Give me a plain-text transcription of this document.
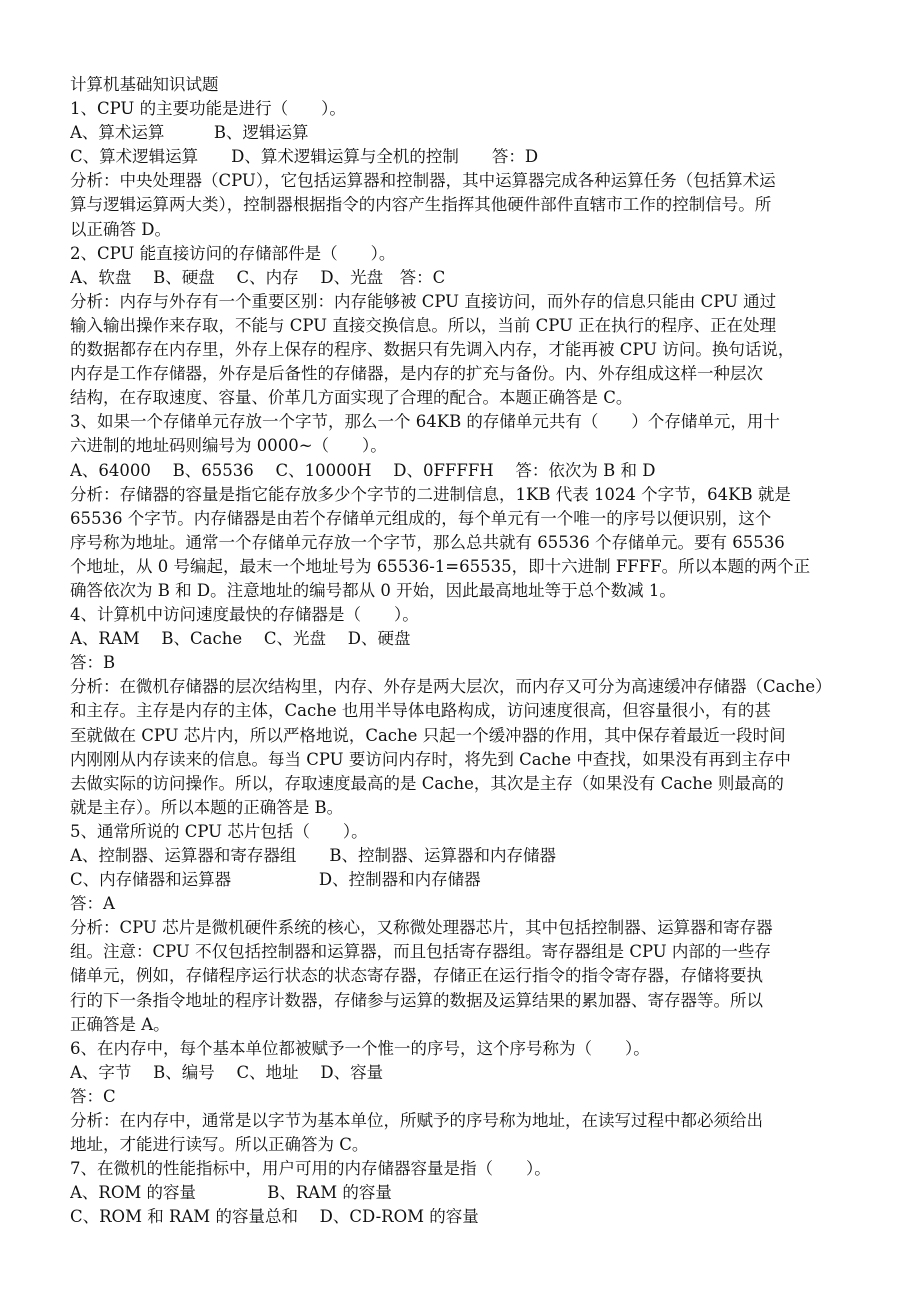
计算机基础知识试题
1、CPU 的主要功能是进行（　　）。
A、算术运算　　　B、逻辑运算
C、算术逻辑运算　　D、算术逻辑运算与全机的控制　　答：D
分析：中央处理器（CPU），它包括运算器和控制器，其中运算器完成各种运算任务（包括算术运
算与逻辑运算两大类），控制器根据指令的内容产生指挥其他硬件部件直辖市工作的控制信号。所
以正确答 D。
2、CPU 能直接访问的存储部件是（　　）。
A、软盘　 B、硬盘　 C、内存　 D、光盘　答：C
分析：内存与外存有一个重要区别：内存能够被 CPU 直接访问，而外存的信息只能由 CPU 通过
输入输出操作来存取，不能与 CPU 直接交换信息。所以，当前 CPU 正在执行的程序、正在处理
的数据都存在内存里，外存上保存的程序、数据只有先调入内存，才能再被 CPU 访问。换句话说，
内存是工作存储器，外存是后备性的存储器，是内存的扩充与备份。内、外存组成这样一种层次
结构，在存取速度、容量、价革几方面实现了合理的配合。本题正确答是 C。
3、如果一个存储单元存放一个字节，那么一个 64KB 的存储单元共有（　　）个存储单元，用十
六进制的地址码则编号为 0000~（　　）。
A、64000　 B、65536　 C、10000H　 D、0FFFFH　 答：依次为 B 和 D
分析：存储器的容量是指它能存放多少个字节的二进制信息，1KB 代表 1024 个字节，64KB 就是
65536 个字节。内存储器是由若个存储单元组成的，每个单元有一个唯一的序号以便识别，这个
序号称为地址。通常一个存储单元存放一个字节，那么总共就有 65536 个存储单元。要有 65536
个地址，从 0 号编起，最末一个地址号为 65536-1=65535，即十六进制 FFFF。所以本题的两个正
确答依次为 B 和 D。注意地址的编号都从 0 开始，因此最高地址等于总个数减 1。
4、计算机中访问速度最快的存储器是（　　）。
A、RAM　 B、Cache　 C、光盘　 D、硬盘
答：B
分析：在微机存储器的层次结构里，内存、外存是两大层次，而内存又可分为高速缓冲存储器（Cache）
和主存。主存是内存的主体，Cache 也用半导体电路构成，访问速度很高，但容量很小，有的甚
至就做在 CPU 芯片内，所以严格地说，Cache 只起一个缓冲器的作用，其中保存着最近一段时间
内刚刚从内存读来的信息。每当 CPU 要访问内存时，将先到 Cache 中查找，如果没有再到主存中
去做实际的访问操作。所以，存取速度最高的是 Cache，其次是主存（如果没有 Cache 则最高的
就是主存）。所以本题的正确答是 B。
5、通常所说的 CPU 芯片包括（　　）。
A、控制器、运算器和寄存器组　　B、控制器、运算器和内存储器
C、内存储器和运算器　　　　　 D、控制器和内存储器
答：A
分析：CPU 芯片是微机硬件系统的核心，又称微处理器芯片，其中包括控制器、运算器和寄存器
组。注意：CPU 不仅包括控制器和运算器，而且包括寄存器组。寄存器组是 CPU 内部的一些存
储单元，例如，存储程序运行状态的状态寄存器，存储正在运行指令的指令寄存器，存储将要执
行的下一条指令地址的程序计数器，存储参与运算的数据及运算结果的累加器、寄存器等。所以
正确答是 A。
6、在内存中，每个基本单位都被赋予一个惟一的序号，这个序号称为（　　）。
A、字节　 B、编号　 C、地址　 D、容量
答：C
分析：在内存中，通常是以字节为基本单位，所赋予的序号称为地址，在读写过程中都必须给出
地址，才能进行读写。所以正确答为 C。
7、在微机的性能指标中，用户可用的内存储器容量是指（　　）。
A、ROM 的容量　　　　 B、RAM 的容量
C、ROM 和 RAM 的容量总和　 D、CD-ROM 的容量
